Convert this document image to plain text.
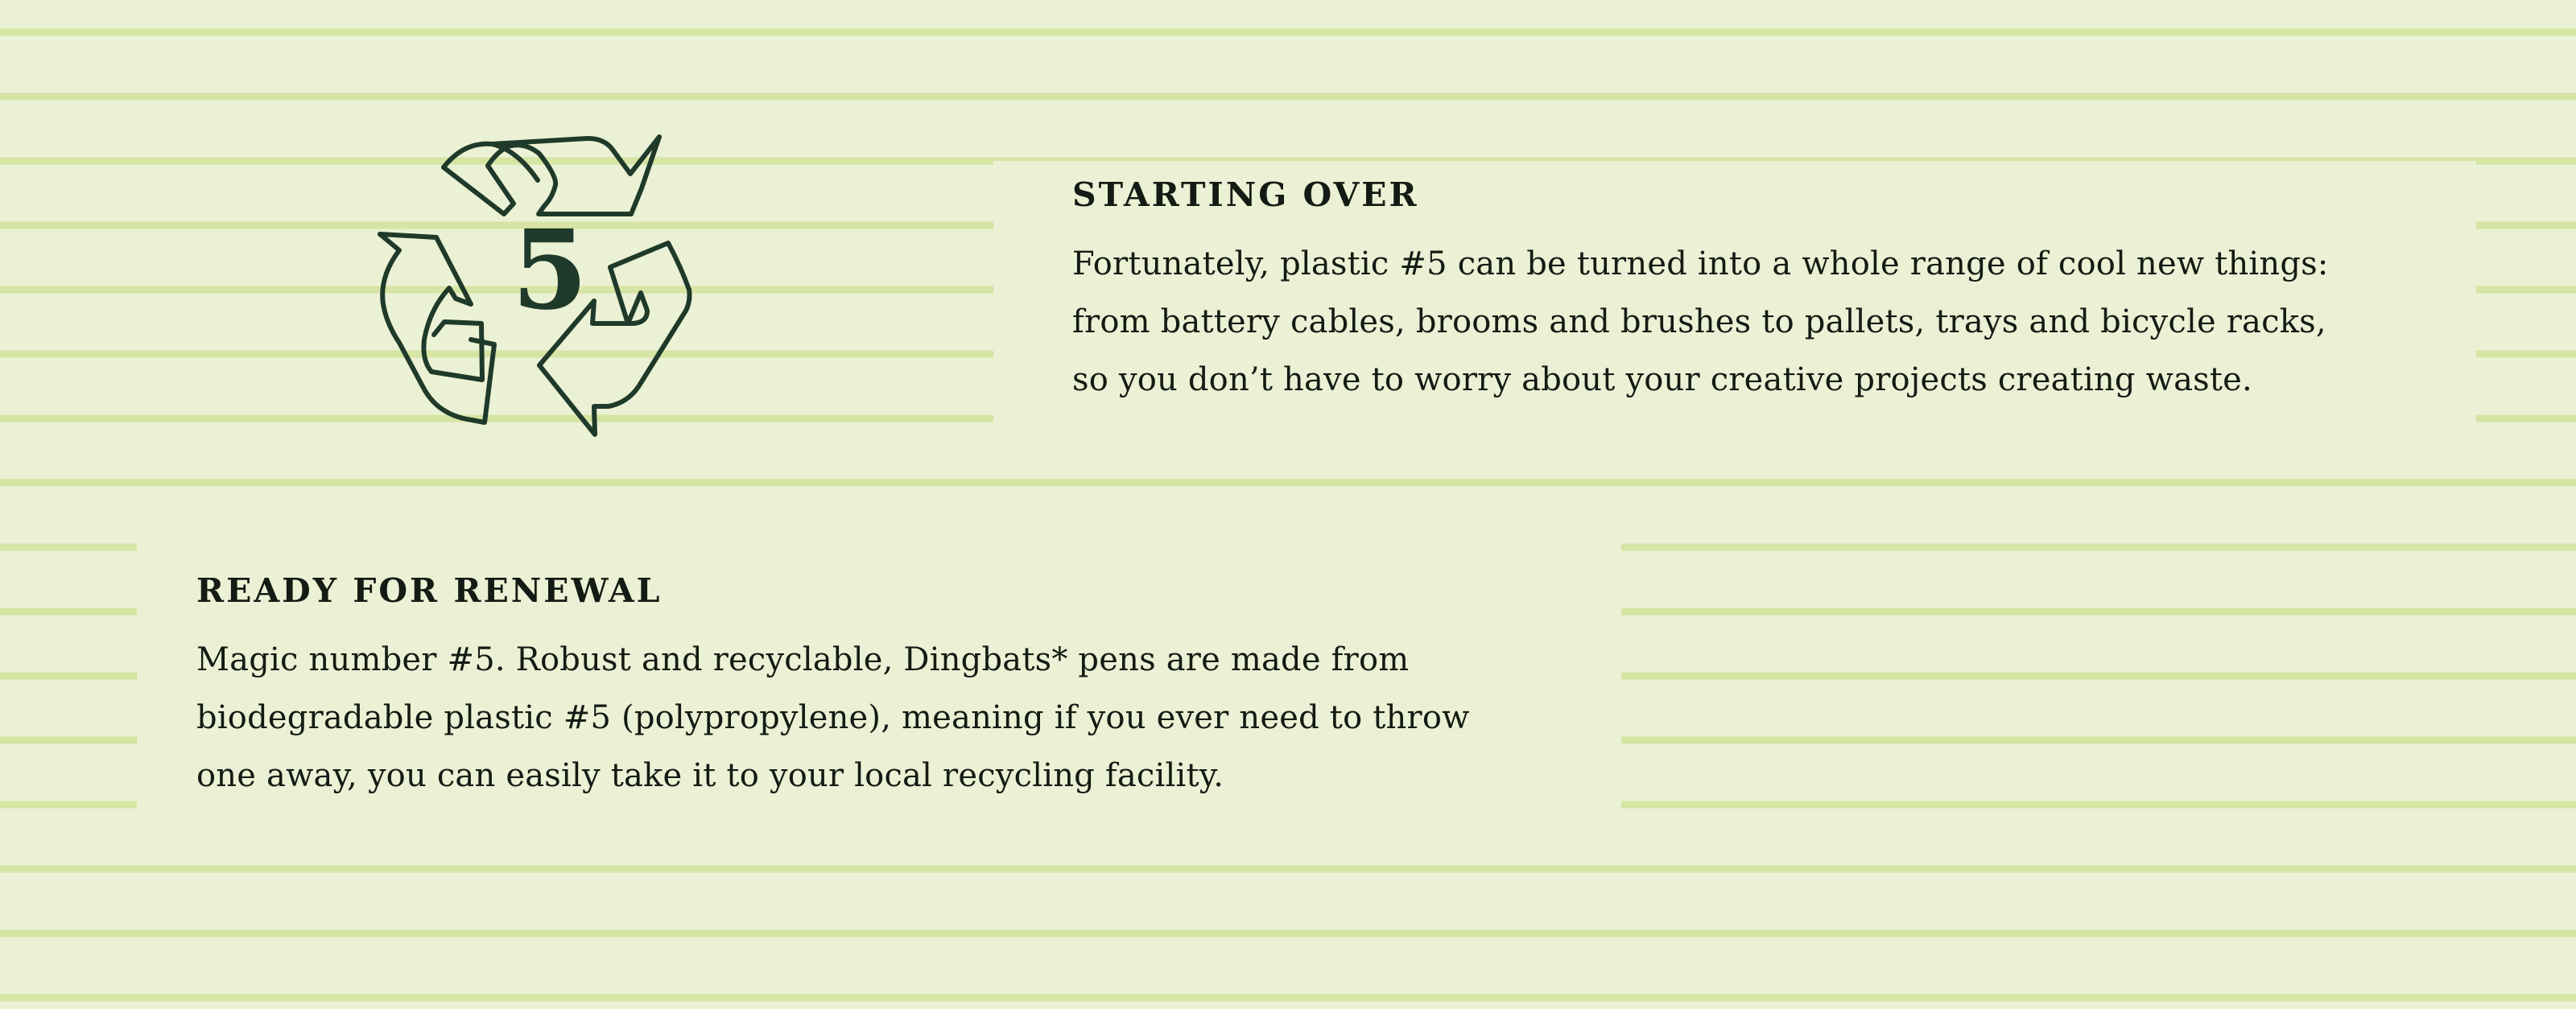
5
STARTING OVER
Fortunately, plastic #5 can be turned into a whole range of cool new things:
from battery cables, brooms and brushes to pallets, trays and bicycle racks,
so you don’t have to worry about your creative projects creating waste.
READY FOR RENEWAL
Magic number #5. Robust and recyclable, Dingbats* pens are made from
biodegradable plastic #5 (polypropylene), meaning if you ever need to throw
one away, you can easily take it to your local recycling facility.
